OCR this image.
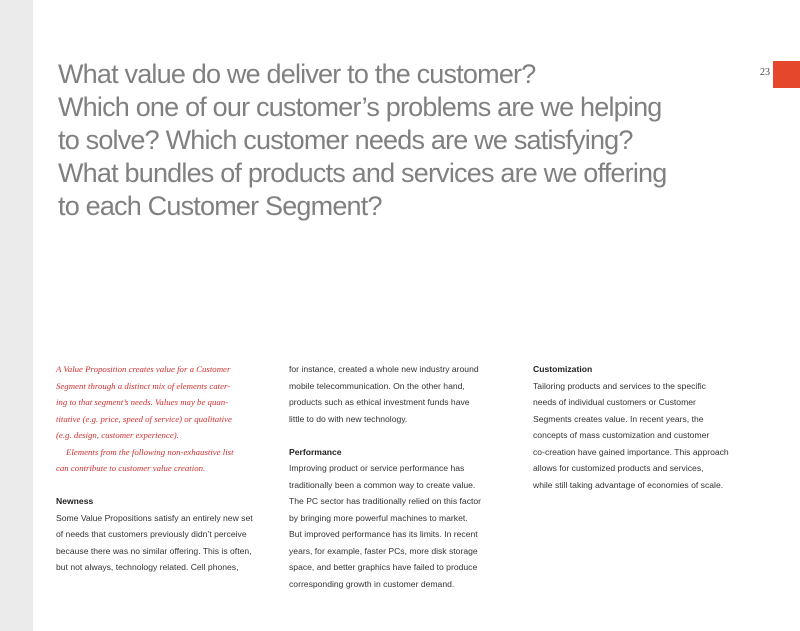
23
What value do we deliver to the customer?
Which one of our customer’s problems are we helping
to solve? Which customer needs are we satisfying?
What bundles of products and services are we offering
to each Customer Segment?
A Value Proposition creates value for a Customer
Segment through a distinct mix of elements cater-
ing to that segment’s needs. Values may be quan-
titative (e.g. price, speed of service) or qualitative
(e.g. design, customer experience).
Elements from the following non-exhaustive list
can contribute to customer value creation.
Newness
Some Value Propositions satisfy an entirely new set
of needs that customers previously didn’t perceive
because there was no similar offering. This is often,
but not always, technology related. Cell phones,
for instance, created a whole new industry around
mobile telecommunication. On the other hand,
products such as ethical investment funds have
little to do with new technology.
Performance
Improving product or service performance has
traditionally been a common way to create value.
The PC sector has traditionally relied on this factor
by bringing more powerful machines to market.
But improved performance has its limits. In recent
years, for example, faster PCs, more disk storage
space, and better graphics have failed to produce
corresponding growth in customer demand.
Customization
Tailoring products and services to the specific
needs of individual customers or Customer
Segments creates value. In recent years, the
concepts of mass customization and customer
co-creation have gained importance. This approach
allows for customized products and services,
while still taking advantage of economies of scale.
